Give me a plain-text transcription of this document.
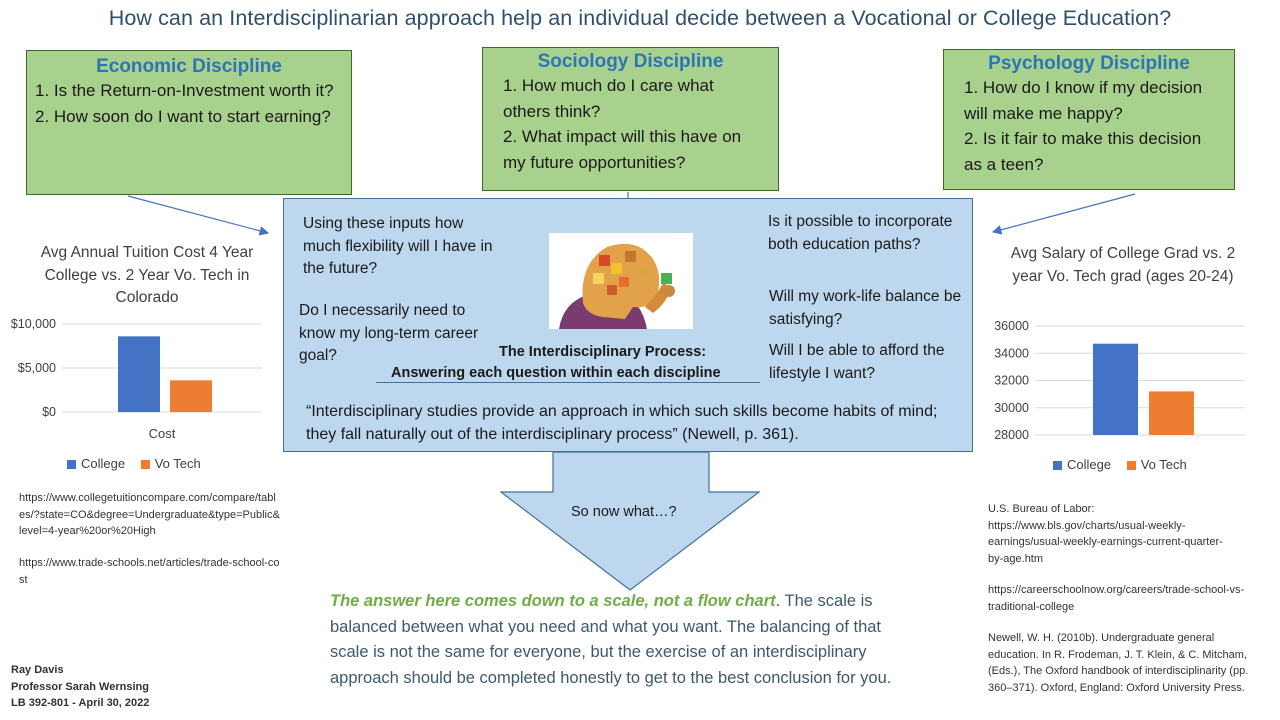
How can an Interdisciplinarian approach help an individual decide between a Vocational or College Education?
Economic Discipline
1. Is the Return-on-Investment worth it?
2. How soon do I want to start earning?
Sociology Discipline
1. How much do I care what others think?
2. What impact will this have on my future opportunities?
Psychology Discipline
1. How do I know if my decision will make me happy?
2. Is it fair to make this decision as a teen?
Using these inputs how much flexibility will I have in the future?
Do I necessarily need to know my long-term career goal?
Is it possible to incorporate both education paths?
Will my work-life balance be satisfying?
Will I be able to afford the lifestyle I want?
The Interdisciplinary Process:
Answering each question within each discipline
“Interdisciplinary studies provide an approach in which such skills become habits of mind; they fall naturally out of the interdisciplinary process” (Newell, p. 361).
So now what…?
The answer here comes down to a scale, not a flow chart. The scale is balanced between what you need and what you want. The balancing of that scale is not the same for everyone, but the exercise of an interdisciplinary approach should be completed honestly to get to the best conclusion for you.
Avg Annual Tuition Cost 4 Year College vs. 2 Year Vo. Tech in Colorado
$10,000
$5,000
$0
Cost
College Vo Tech
Avg Salary of College Grad vs. 2 year Vo. Tech grad (ages 20-24)
36000
34000
32000
30000
28000
College Vo Tech
https://www.collegetuitioncompare.com/compare/tables/?state=CO&degree=Undergraduate&type=Public&level=4-year%20or%20High
https://www.trade-schools.net/articles/trade-school-cost
U.S. Bureau of Labor: https://www.bls.gov/charts/usual-weekly-earnings/usual-weekly-earnings-current-quarter-by-age.htm
https://careerschoolnow.org/careers/trade-school-vs-traditional-college
Newell, W. H. (2010b). Undergraduate general education. In R. Frodeman, J. T. Klein, & C. Mitcham, (Eds.), The Oxford handbook of interdisciplinarity (pp. 360–371). Oxford, England: Oxford University Press.
Ray Davis
Professor Sarah Wernsing
LB 392-801 - April 30, 2022
